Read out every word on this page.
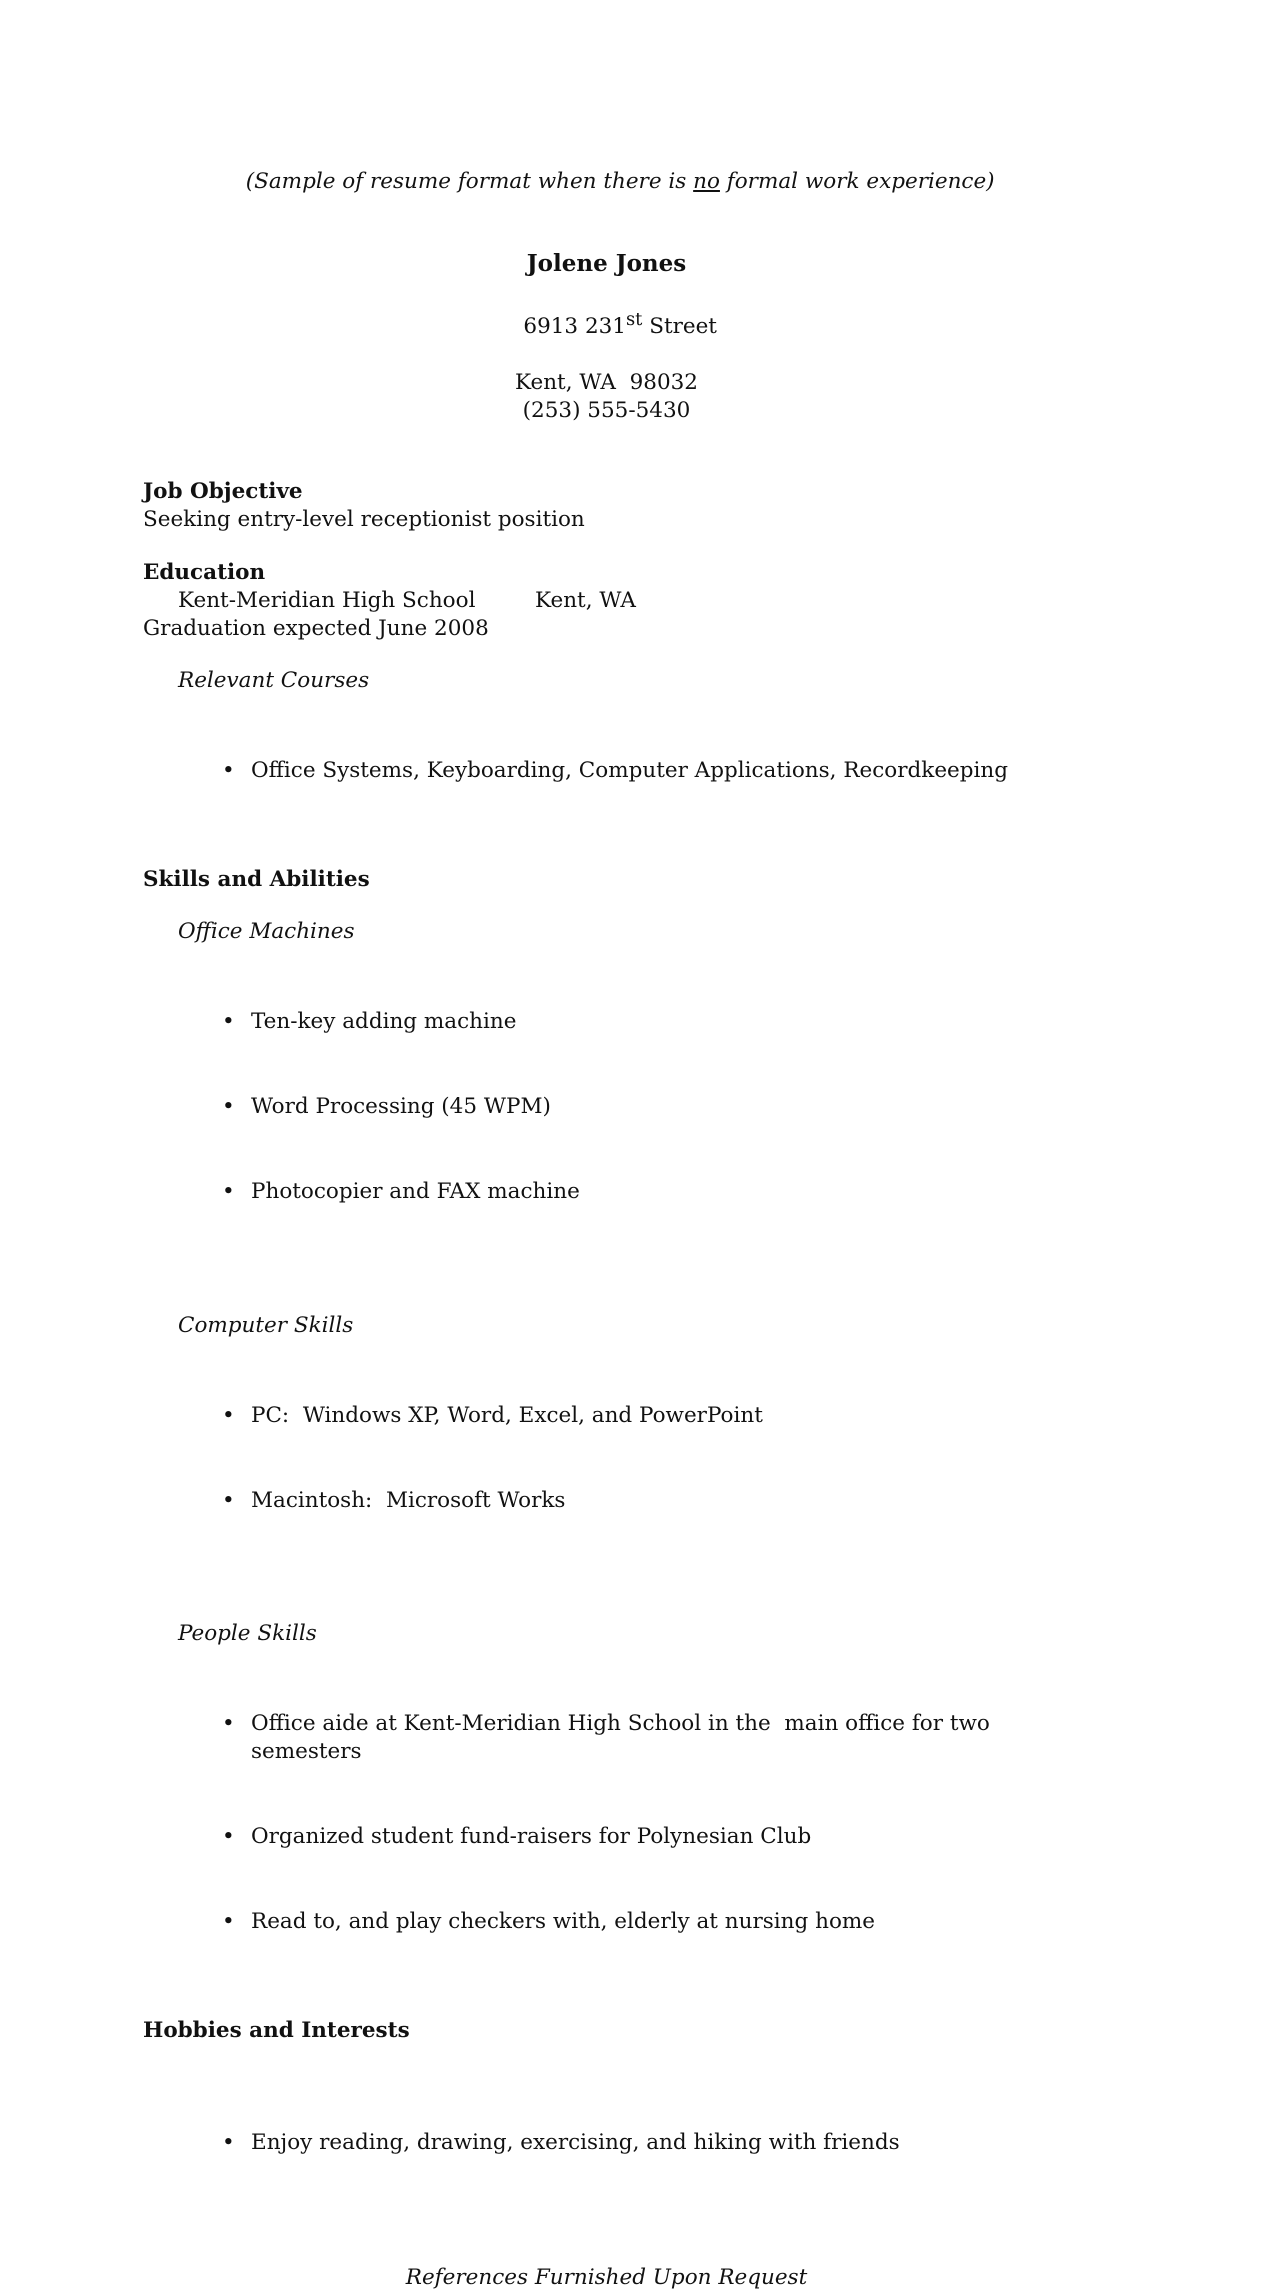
(Sample of resume format when there is no formal work experience)

Jolene Jones

6913 231st Street

Kent, WA  98032

(253) 555-5430

Job Objective

Seeking entry-level receptionist position

Education

Kent-Meridian High School	Kent, WA

Graduation expected June 2008

Relevant Courses

• Office Systems, Keyboarding, Computer Applications, Recordkeeping

Skills and Abilities

Office Machines

• Ten-key adding machine

• Word Processing (45 WPM)

• Photocopier and FAX machine

Computer Skills

• PC:  Windows XP, Word, Excel, and PowerPoint

• Macintosh:  Microsoft Works

People Skills

• Office aide at Kent-Meridian High School in the  main office for two semesters

• Organized student fund-raisers for Polynesian Club

• Read to, and play checkers with, elderly at nursing home

Hobbies and Interests

• Enjoy reading, drawing, exercising, and hiking with friends

References Furnished Upon Request
